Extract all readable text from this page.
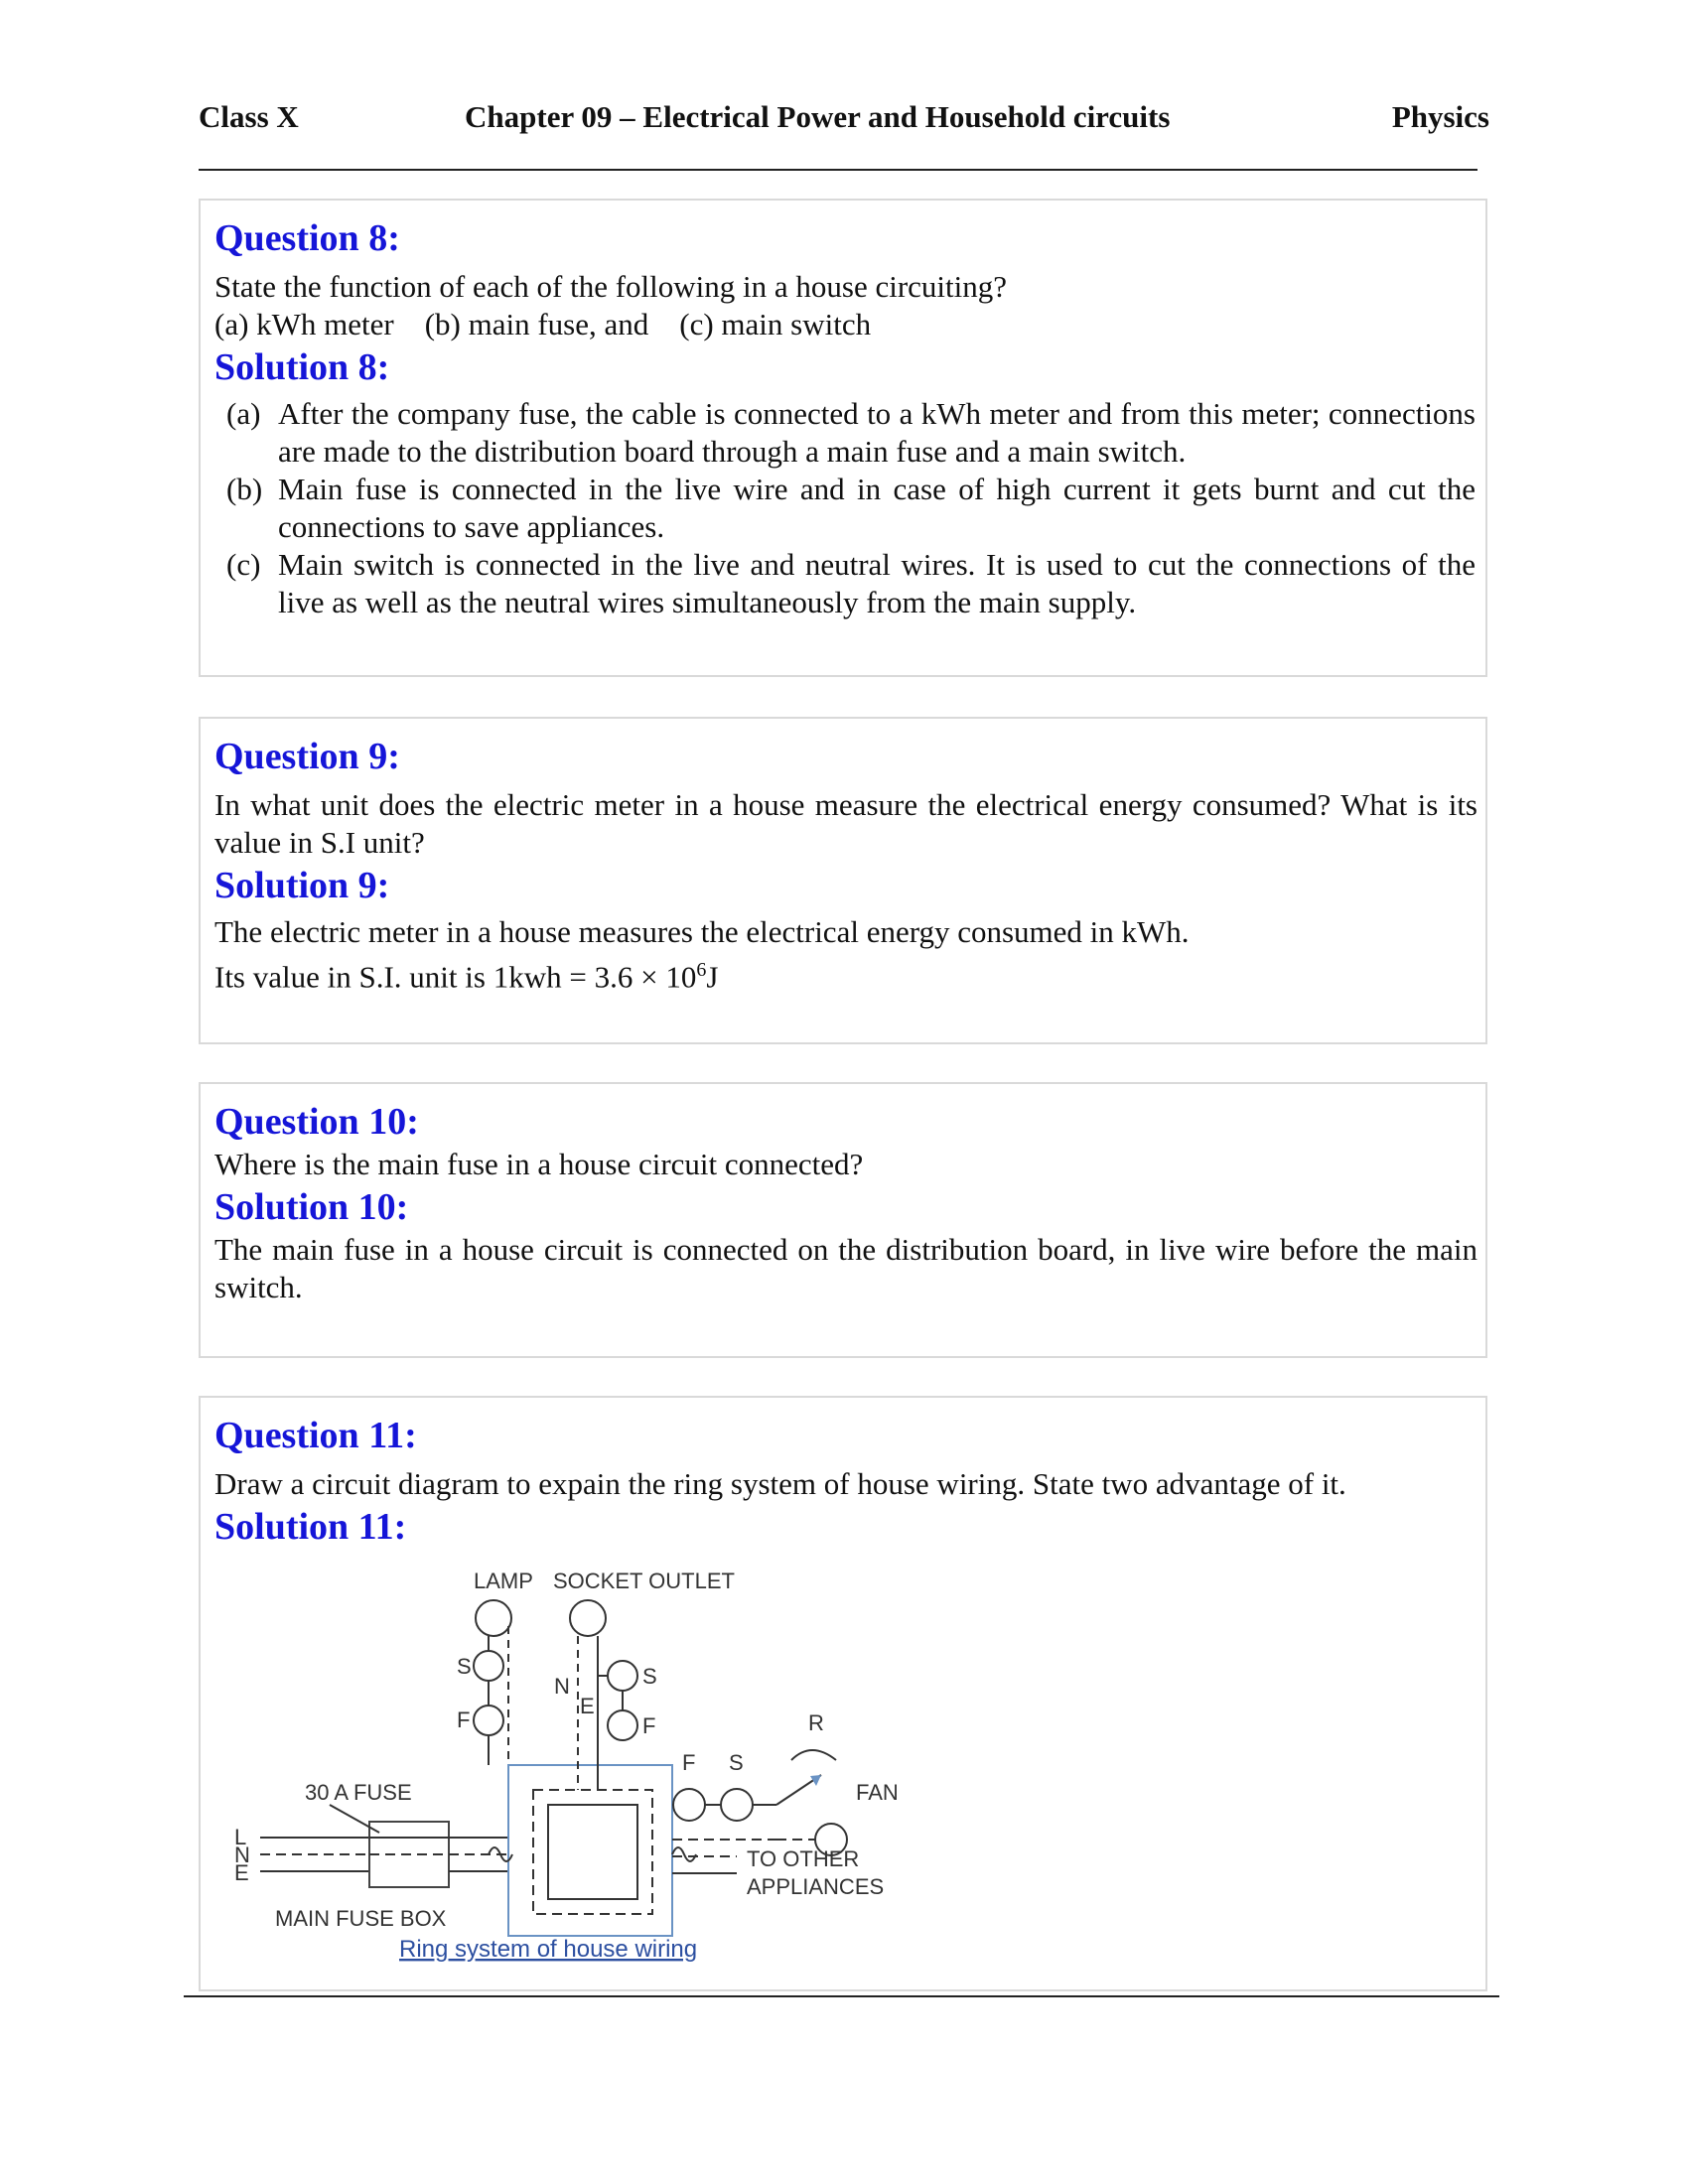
Class X	Chapter 09 – Electrical Power and Household circuits	Physics
Question 8:
State the function of each of the following in a house circuiting?
(a) kWh meter    (b) main fuse, and    (c) main switch
Solution 8:
(a) After the company fuse, the cable is connected to a kWh meter and from this meter; connections are made to the distribution board through a main fuse and a main switch.
(b) Main fuse is connected in the live wire and in case of high current it gets burnt and cut the connections to save appliances.
(c) Main switch is connected in the live and neutral wires. It is used to cut the connections of the live as well as the neutral wires simultaneously from the main supply.
Question 9:
In what unit does the electric meter in a house measure the electrical energy consumed? What is its value in S.I unit?
Solution 9:
The electric meter in a house measures the electrical energy consumed in kWh.
Its value in S.I. unit is $1kwh = 3.6 \times 10^6J$
Question 10:
Where is the main fuse in a house circuit connected?
Solution 10:
The main fuse in a house circuit is connected on the distribution board, in live wire before the main switch.
Question 11:
Draw a circuit diagram to expain the ring system of house wiring. State two advantage of it.
Solution 11:
LAMP SOCKET OUTLET
S
F
N
E
S
F
F S
R
FAN
30 A FUSE
L
N
E
TO OTHER
APPLIANCES
MAIN FUSE BOX
Ring system of house wiring
